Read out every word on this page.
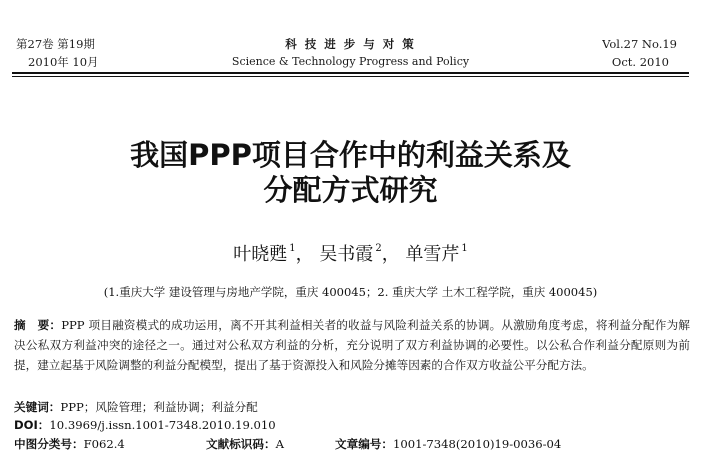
第27卷 第19期
2010年 10月
科 技 进 步 与 对 策
Science & Technology Progress and Policy
Vol.27 No.19
Oct. 2010
我国PPP项目合作中的利益关系及
分配方式研究
叶晓甦 $^1$， 吴书霞 $^2$， 单雪芹 $^1$
(1.重庆大学 建设管理与房地产学院，重庆 400045；2. 重庆大学 土木工程学院，重庆 400045)
摘　要：PPP 项目融资模式的成功运用，离不开其利益相关者的收益与风险利益关系的协调。从激励角度考虑，将利益分配作为解决公私双方利益冲突的途径之一。通过对公私双方利益的分析，充分说明了双方利益协调的必要性。以公私合作利益分配原则为前提，建立起基于风险调整的利益分配模型，提出了基于资源投入和风险分摊等因素的合作双方收益公平分配方法。
关键词：PPP；风险管理；利益协调；利益分配
DOI：10.3969/j.issn.1001-7348.2010.19.010
中图分类号：F062.4	文献标识码：A	文章编号：1001-7348(2010)19-0036-04
